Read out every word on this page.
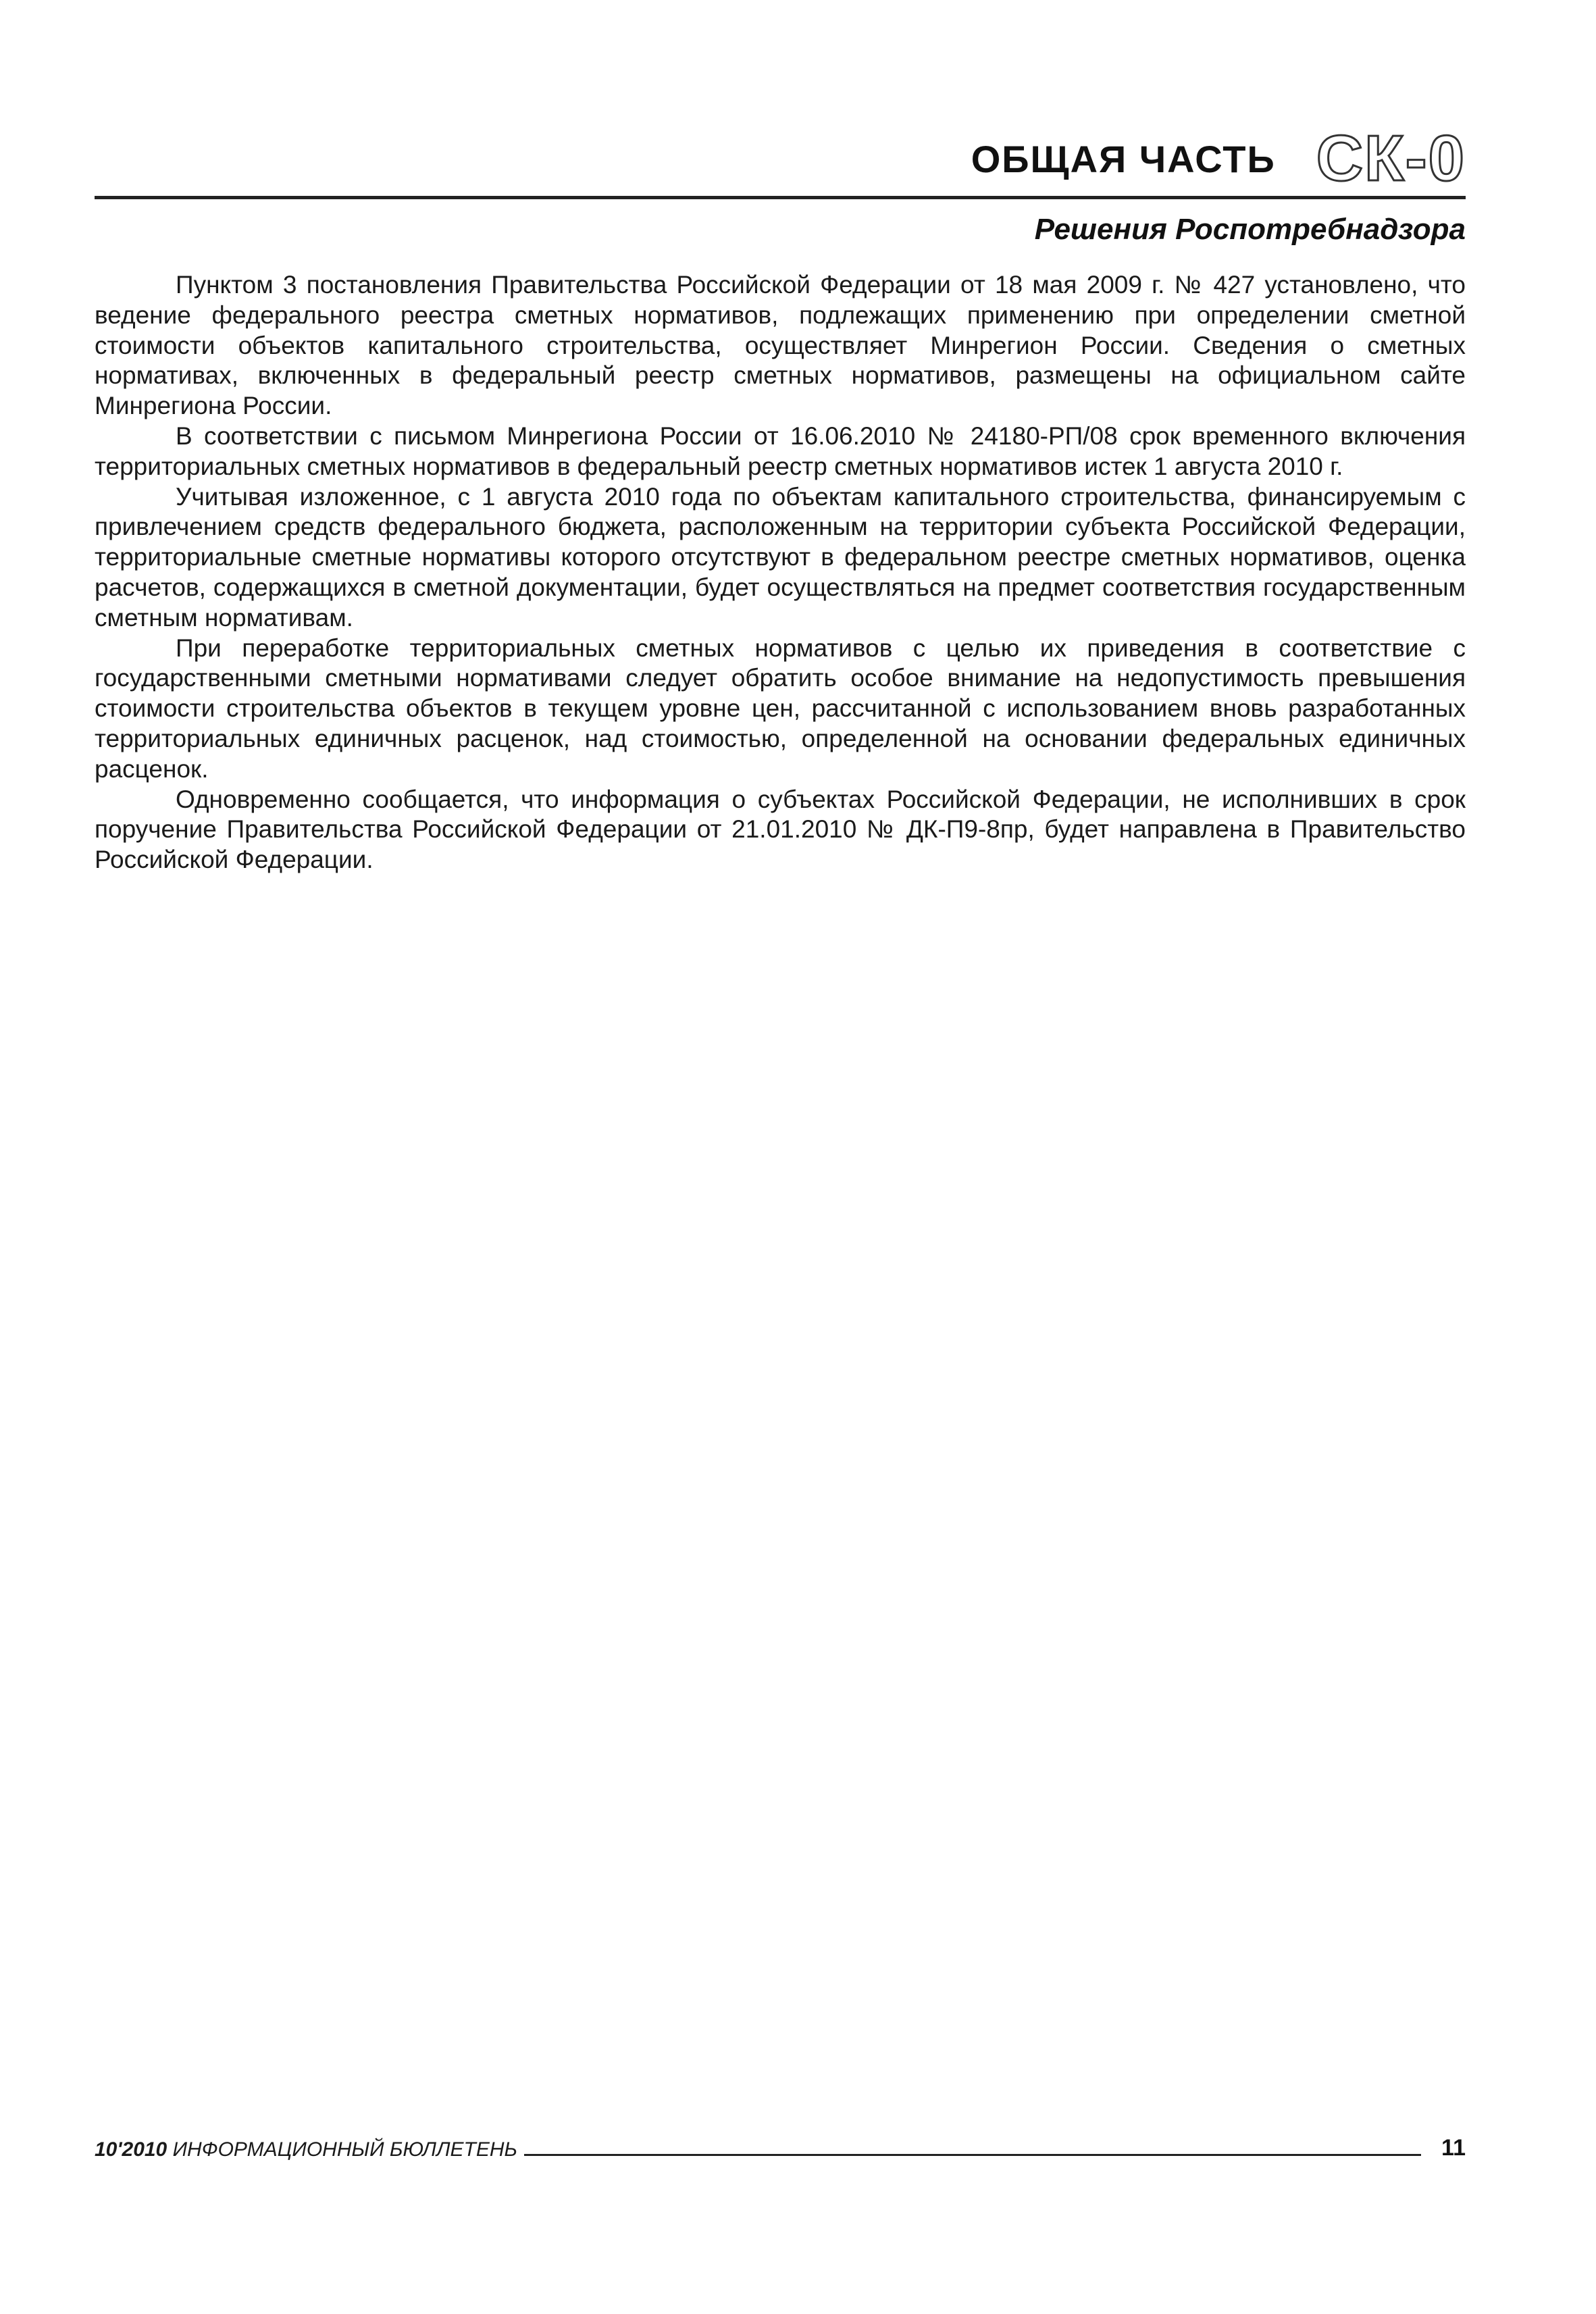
ОБЩАЯ ЧАСТЬ СК-0
Решения Роспотребнадзора

Пунктом 3 постановления Правительства Российской Федерации от 18 мая 2009 г. № 427 установлено, что ведение федерального реестра сметных нормативов, подлежащих применению при определении сметной стоимости объектов капитального строительства, осуществляет Минрегион России. Сведения о сметных нормативах, включенных в федеральный реестр сметных нормативов, размещены на официальном сайте Минрегиона России.

В соответствии с письмом Минрегиона России от 16.06.2010 № 24180-РП/08 срок временного включения территориальных сметных нормативов в федеральный реестр сметных нормативов истек 1 августа 2010 г.

Учитывая изложенное, с 1 августа 2010 года по объектам капитального строительства, финансируемым с привлечением средств федерального бюджета, расположенным на территории субъекта Российской Федерации, территориальные сметные нормативы которого отсутствуют в федеральном реестре сметных нормативов, оценка расчетов, содержащихся в сметной документации, будет осуществляться на предмет соответствия государственным сметным нормативам.

При переработке территориальных сметных нормативов с целью их приведения в соответствие с государственными сметными нормативами следует обратить особое внимание на недопустимость превышения стоимости строительства объектов в текущем уровне цен, рассчитанной с использованием вновь разработанных территориальных единичных расценок, над стоимостью, определенной на основании федеральных единичных расценок.

Одновременно сообщается, что информация о субъектах Российской Федерации, не исполнивших в срок поручение Правительства Российской Федерации от 21.01.2010 № ДК-П9-8пр, будет направлена в Правительство Российской Федерации.

10'2010 ИНФОРМАЦИОННЫЙ БЮЛЛЕТЕНЬ	11
